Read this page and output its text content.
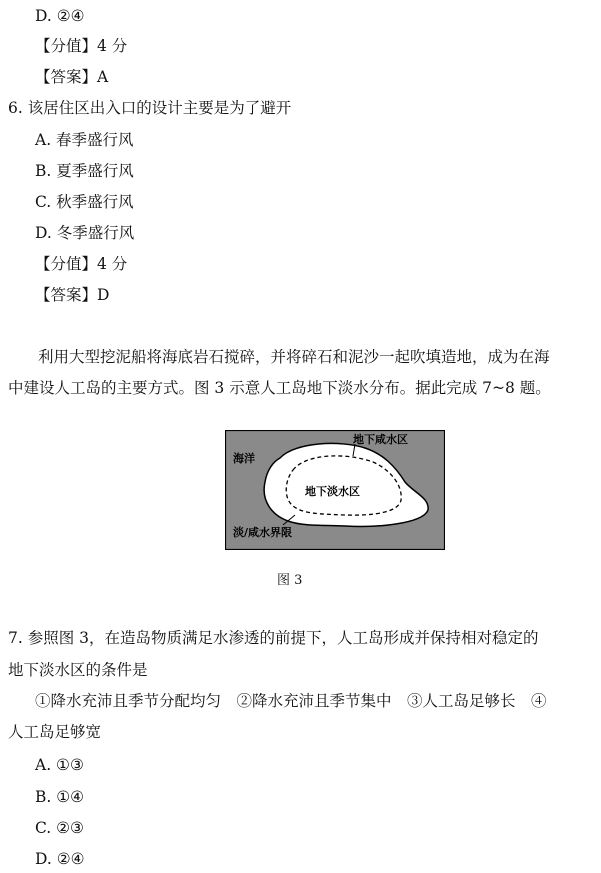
D. ②④
【分值】4 分
【答案】A
6. 该居住区出入口的设计主要是为了避开
A. 春季盛行风
B. 夏季盛行风
C. 秋季盛行风
D. 冬季盛行风
【分值】4 分
【答案】D
利用大型挖泥船将海底岩石搅碎，并将碎石和泥沙一起吹填造地，成为在海
中建设人工岛的主要方式。图 3 示意人工岛地下淡水分布。据此完成 7~8 题。
海洋
地下咸水区
地下淡水区
淡/咸水界限
图 3
7. 参照图 3，在造岛物质满足水渗透的前提下，人工岛形成并保持相对稳定的
地下淡水区的条件是
①降水充沛且季节分配均匀　②降水充沛且季节集中　③人工岛足够长　④
人工岛足够宽
A. ①③
B. ①④
C. ②③
D. ②④
